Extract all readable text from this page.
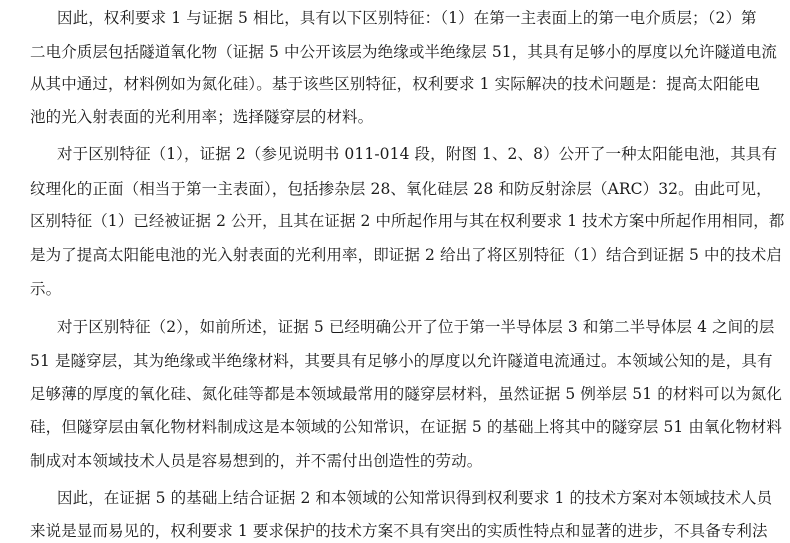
因此，权利要求 1 与证据 5 相比，具有以下区别特征：（1）在第一主表面上的第一电介质层；（2）第
二电介质层包括隧道氧化物（证据 5 中公开该层为绝缘或半绝缘层 51，其具有足够小的厚度以允许隧道电流
从其中通过，材料例如为氮化硅）。基于该些区别特征，权利要求 1 实际解决的技术问题是：提高太阳能电
池的光入射表面的光利用率；选择隧穿层的材料。
对于区别特征（1），证据 2（参见说明书 011-014 段，附图 1、2、8）公开了一种太阳能电池，其具有
纹理化的正面（相当于第一主表面），包括掺杂层 28、氧化硅层 28 和防反射涂层（ARC）32。由此可见，
区别特征（1）已经被证据 2 公开，且其在证据 2 中所起作用与其在权利要求 1 技术方案中所起作用相同，都
是为了提高太阳能电池的光入射表面的光利用率，即证据 2 给出了将区别特征（1）结合到证据 5 中的技术启
示。
对于区别特征（2），如前所述，证据 5 已经明确公开了位于第一半导体层 3 和第二半导体层 4 之间的层
51 是隧穿层，其为绝缘或半绝缘材料，其要具有足够小的厚度以允许隧道电流通过。本领域公知的是，具有
足够薄的厚度的氧化硅、氮化硅等都是本领域最常用的隧穿层材料，虽然证据 5 例举层 51 的材料可以为氮化
硅，但隧穿层由氧化物材料制成这是本领域的公知常识，在证据 5 的基础上将其中的隧穿层 51 由氧化物材料
制成对本领域技术人员是容易想到的，并不需付出创造性的劳动。
因此，在证据 5 的基础上结合证据 2 和本领域的公知常识得到权利要求 1 的技术方案对本领域技术人员
来说是显而易见的，权利要求 1 要求保护的技术方案不具有突出的实质性特点和显著的进步，不具备专利法
